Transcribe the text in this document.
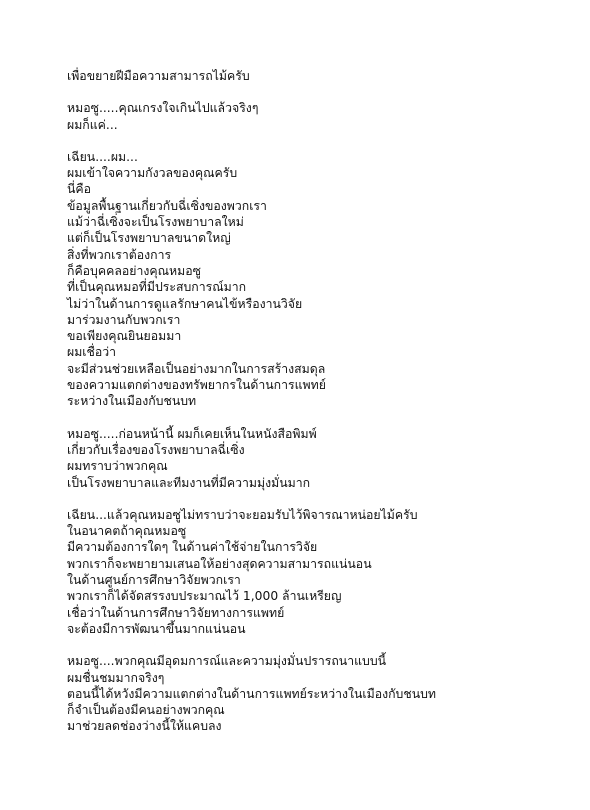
เพื่อขยายฝีมือความสามารถไม้ครับ
หมอซู.....คุณเกรงใจเกินไปแล้วจริงๆ
ผมก็แค่...
เฉียน....ผม...
ผมเข้าใจความกังวลของคุณครับ
นี่คือ
ข้อมูลพื้นฐานเกี่ยวกับฉี่เซิ่งของพวกเรา
แม้ว่าฉี่เซิ่งจะเป็นโรงพยาบาลใหม่
แต่ก็เป็นโรงพยาบาลขนาดใหญ่
สิ่งที่พวกเราต้องการ
ก็คือบุคคลอย่างคุณหมอซู
ที่เป็นคุณหมอที่มีประสบการณ์มาก
ไม่ว่าในด้านการดูแลรักษาคนไข้หรืองานวิจัย
มาร่วมงานกับพวกเรา
ขอเพียงคุณยินยอมมา
ผมเชื่อว่า
จะมีส่วนช่วยเหลือเป็นอย่างมากในการสร้างสมดุล
ของความแตกต่างของทรัพยากรในด้านการแพทย์
ระหว่างในเมืองกับชนบท
หมอซู.....ก่อนหน้านี้ ผมก็เคยเห็นในหนังสือพิมพ์
เกี่ยวกับเรื่องของโรงพยาบาลฉี่เซิ่ง
ผมทราบว่าพวกคุณ
เป็นโรงพยาบาลและทีมงานที่มีความมุ่งมั่นมาก
เฉียน...แล้วคุณหมอซูไม่ทราบว่าจะยอมรับไว้พิจารณาหน่อยไม้ครับ
ในอนาคตถ้าคุณหมอซู
มีความต้องการใดๆ ในด้านค่าใช้จ่ายในการวิจัย
พวกเราก็จะพยายามเสนอให้อย่างสุดความสามารถแน่นอน
ในด้านศูนย์การศึกษาวิจัยพวกเรา
พวกเราก็ได้จัดสรรงบประมาณไว้ 1,000 ล้านเหรียญ
เชื่อว่าในด้านการศึกษาวิจัยทางการแพทย์
จะต้องมีการพัฒนาขึ้นมากแน่นอน
หมอซู....พวกคุณมีอุดมการณ์และความมุ่งมั่นปรารถนาแบบนี้
ผมชื่นชมมากจริงๆ
ตอนนี้ได้หวังมีความแตกต่างในด้านการแพทย์ระหว่างในเมืองกับชนบท
ก็จำเป็นต้องมีคนอย่างพวกคุณ
มาช่วยลดช่องว่างนี้ให้แคบลง
